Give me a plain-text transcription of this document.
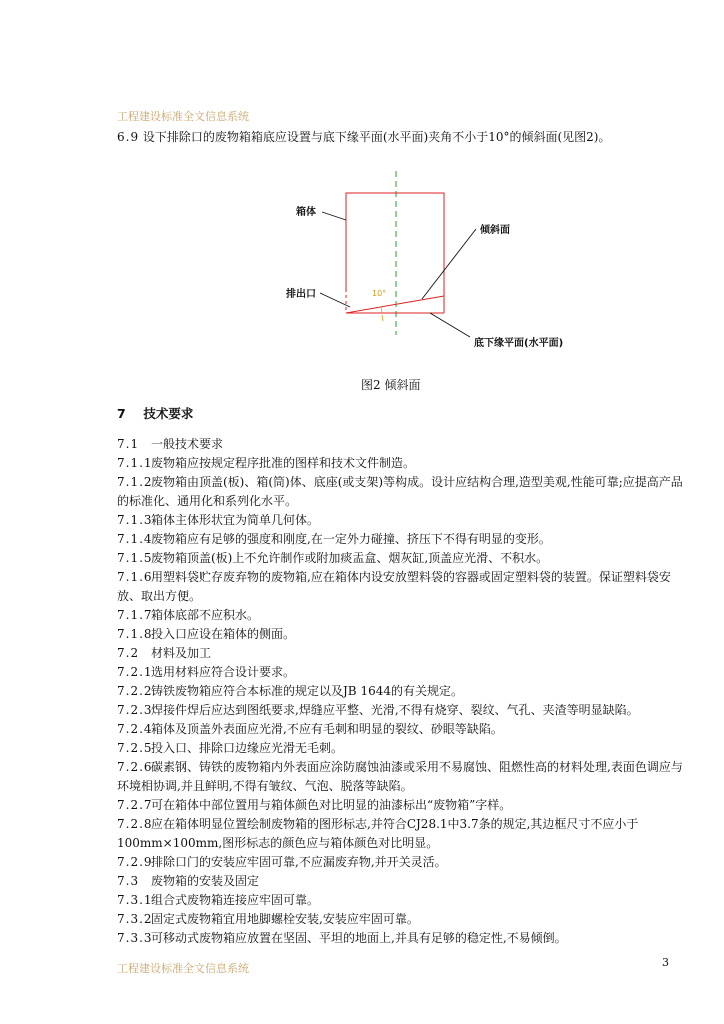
工程建设标准全文信息系统
6.9 设下排除口的废物箱箱底应设置与底下缘平面(水平面)夹角不小于10°的倾斜面(见图2)。
10°
箱体
排出口
倾斜面
底下缘平面(水平面)
图2 倾斜面
7 技术要求
7.1 一般技术要求
7.1.1废物箱应按规定程序批准的图样和技术文件制造。
7.1.2废物箱由顶盖(板)、箱(筒)体、底座(或支架)等构成。设计应结构合理,造型美观,性能可靠;应提高产品的标准化、通用化和系列化水平。
7.1.3箱体主体形状宜为简单几何体。
7.1.4废物箱应有足够的强度和刚度,在一定外力碰撞、挤压下不得有明显的变形。
7.1.5废物箱顶盖(板)上不允许制作或附加痰盂盒、烟灰缸,顶盖应光滑、不积水。
7.1.6用塑料袋贮存废弃物的废物箱,应在箱体内设安放塑料袋的容器或固定塑料袋的装置。保证塑料袋安放、取出方便。
7.1.7箱体底部不应积水。
7.1.8投入口应设在箱体的侧面。
7.2 材料及加工
7.2.1选用材料应符合设计要求。
7.2.2铸铁废物箱应符合本标准的规定以及JB 1644的有关规定。
7.2.3焊接件焊后应达到图纸要求,焊缝应平整、光滑,不得有烧穿、裂纹、气孔、夹渣等明显缺陷。
7.2.4箱体及顶盖外表面应光滑,不应有毛刺和明显的裂纹、砂眼等缺陷。
7.2.5投入口、排除口边缘应光滑无毛刺。
7.2.6碳素钢、铸铁的废物箱内外表面应涂防腐蚀油漆或采用不易腐蚀、阻燃性高的材料处理,表面色调应与环境相协调,并且鲜明,不得有皱纹、气泡、脱落等缺陷。
7.2.7可在箱体中部位置用与箱体颜色对比明显的油漆标出“废物箱”字样。
7.2.8应在箱体明显位置绘制废物箱的图形标志,并符合CJ28.1中3.7条的规定,其边框尺寸不应小于100mm×100mm,图形标志的颜色应与箱体颜色对比明显。
7.2.9排除口门的安装应牢固可靠,不应漏废弃物,并开关灵活。
7.3 废物箱的安装及固定
7.3.1组合式废物箱连接应牢固可靠。
7.3.2固定式废物箱宜用地脚螺栓安装,安装应牢固可靠。
7.3.3可移动式废物箱应放置在坚固、平坦的地面上,并具有足够的稳定性,不易倾倒。
3
工程建设标准全文信息系统
